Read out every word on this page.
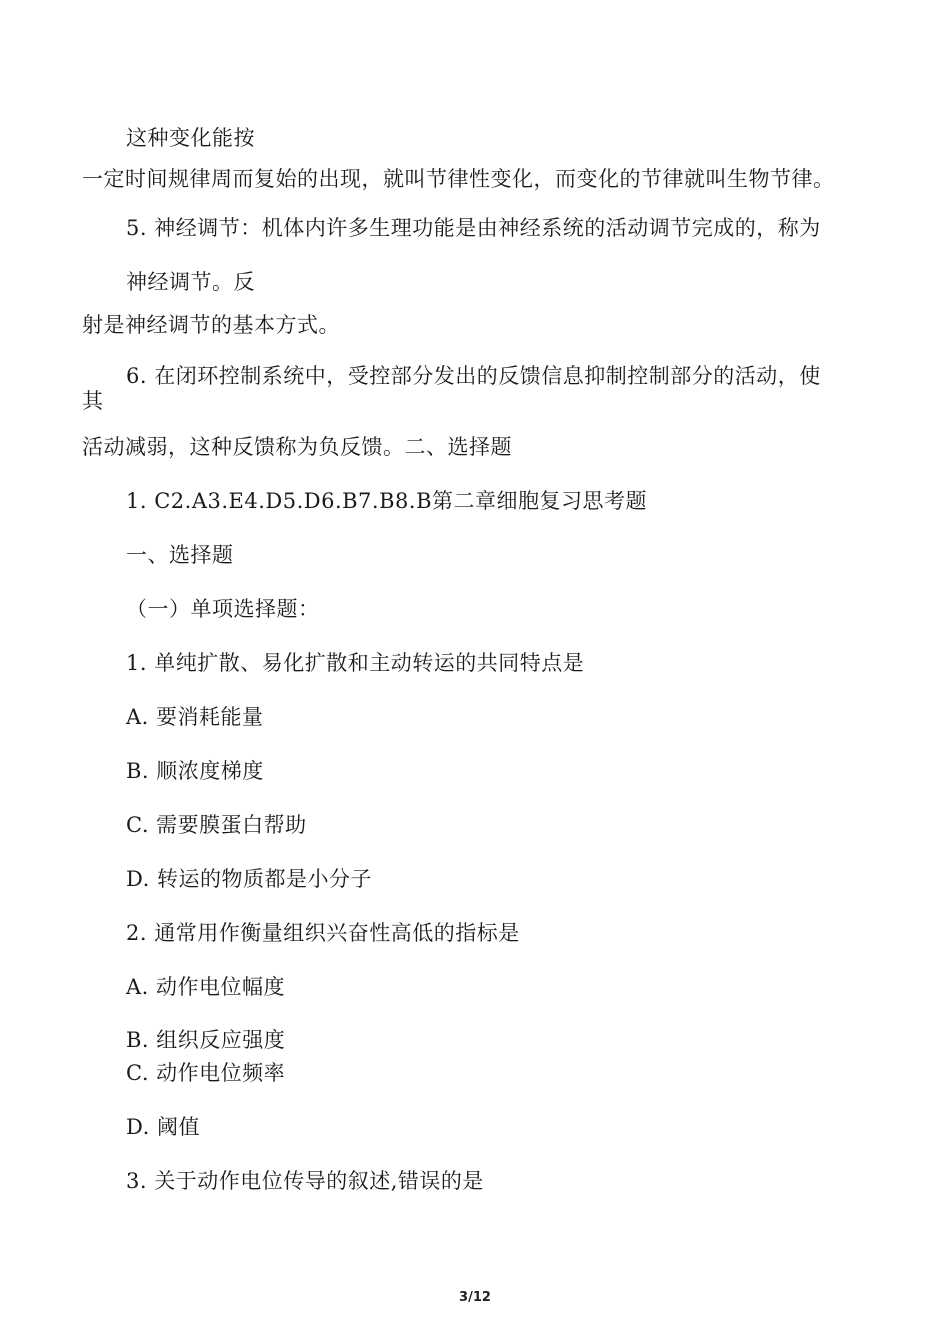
这种变化能按
一定时间规律周而复始的出现，就叫节律性变化，而变化的节律就叫生物节律。
5. 神经调节：机体内许多生理功能是由神经系统的活动调节完成的，称为
神经调节。反
射是神经调节的基本方式。
6. 在闭环控制系统中，受控部分发出的反馈信息抑制控制部分的活动，使
其
活动减弱，这种反馈称为负反馈。二、选择题
1. C2.A3.E4.D5.D6.B7.B8.B第二章细胞复习思考题
一、选择题
（一）单项选择题：
1. 单纯扩散、易化扩散和主动转运的共同特点是
A. 要消耗能量
B. 顺浓度梯度
C. 需要膜蛋白帮助
D. 转运的物质都是小分子
2. 通常用作衡量组织兴奋性高低的指标是
A. 动作电位幅度
B. 组织反应强度
C. 动作电位频率
D. 阈值
3. 关于动作电位传导的叙述,错误的是
3/12
